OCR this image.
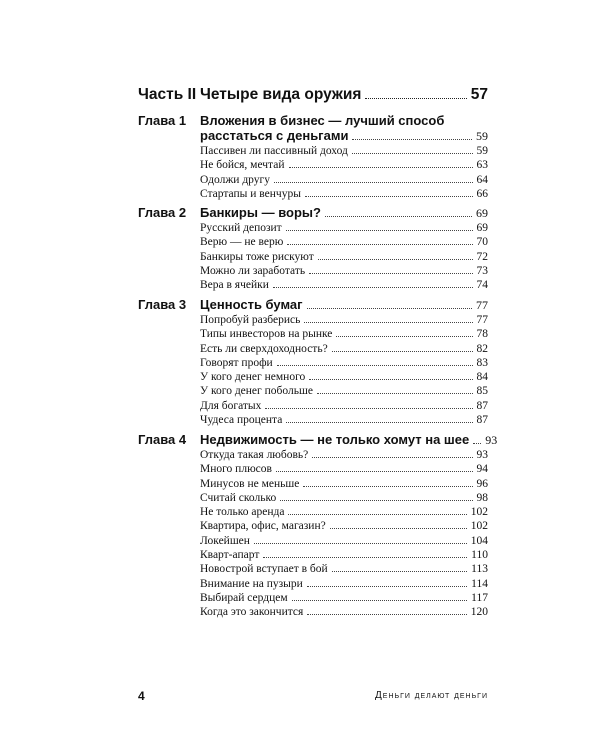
Часть II Четыре вида оружия	57
Глава 1	Вложения в бизнес — лучший способ
расстаться с деньгами	59
Пассивен ли пассивный доход	59
Не бойся, мечтай	63
Одолжи другу	64
Стартапы и венчуры	66
Глава 2	Банкиры — воры?	69
Русский депозит	69
Верю — не верю	70
Банкиры тоже рискуют	72
Можно ли заработать	73
Вера в ячейки	74
Глава 3	Ценность бумаг	77
Попробуй разберись	77
Типы инвесторов на рынке	78
Есть ли сверхдоходность?	82
Говорят профи	83
У кого денег немного	84
У кого денег побольше	85
Для богатых	87
Чудеса процента	87
Глава 4	Недвижимость — не только хомут на шее 93
Откуда такая любовь?	93
Много плюсов	94
Минусов не меньше	96
Считай сколько	98
Не только аренда	102
Квартира, офис, магазин?	102
Локейшен	104
Кварт-апарт	110
Новострой вступает в бой	113
Внимание на пузыри	114
Выбирай сердцем	117
Когда это закончится	120
4	Деньги делают деньги
